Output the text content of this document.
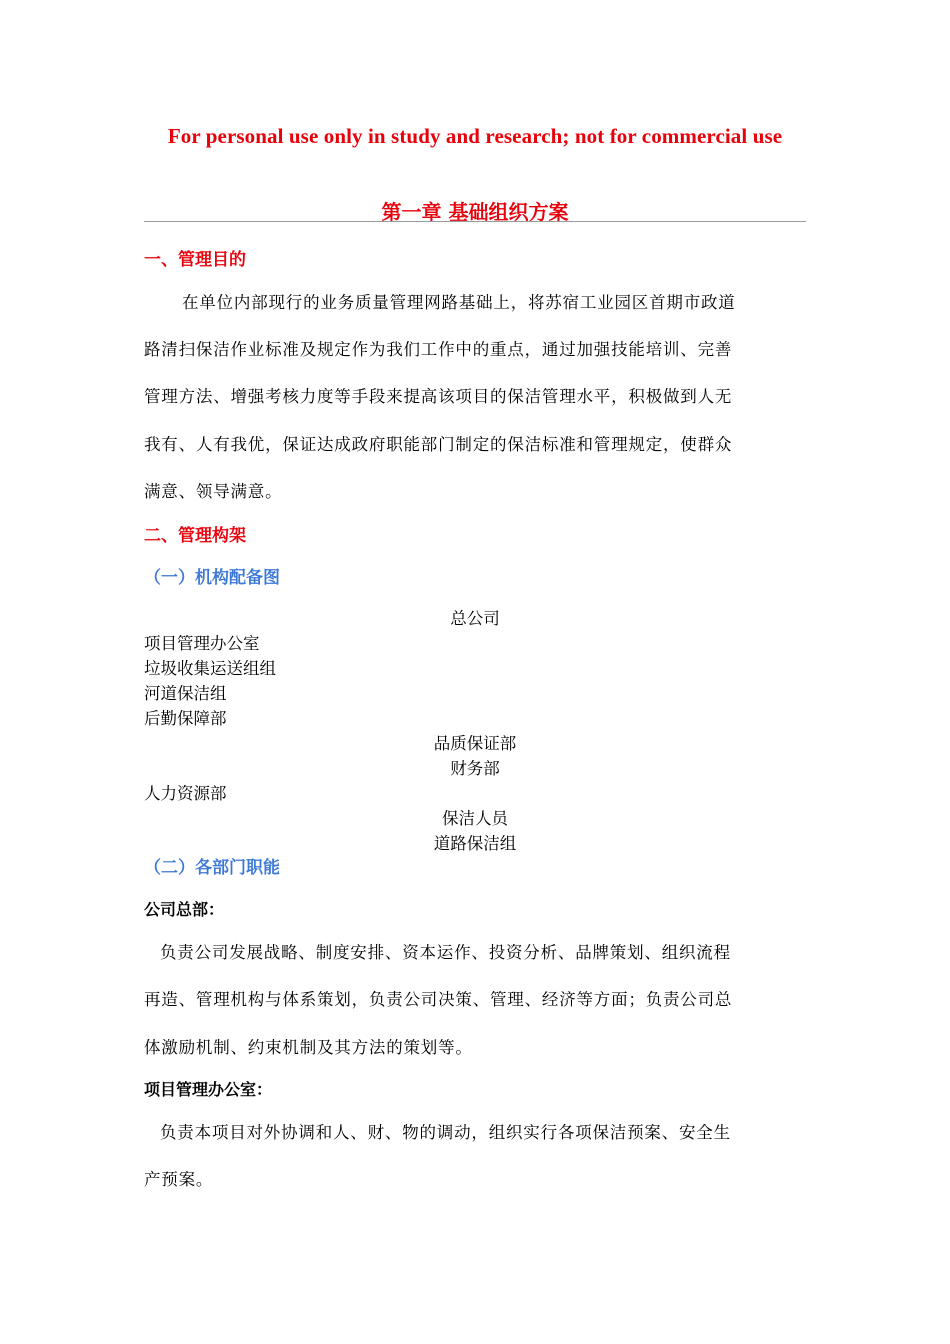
For personal use only in study and research; not for commercial use
第一章 基础组织方案
一、管理目的
在单位内部现行的业务质量管理网路基础上，将苏宿工业园区首期市政道
路清扫保洁作业标准及规定作为我们工作中的重点，通过加强技能培训、完善
管理方法、增强考核力度等手段来提高该项目的保洁管理水平，积极做到人无
我有、人有我优，保证达成政府职能部门制定的保洁标准和管理规定，使群众
满意、领导满意。
二、管理构架
（一）机构配备图
总公司
项目管理办公室
垃圾收集运送组组
河道保洁组
后勤保障部
品质保证部
财务部
人力资源部
保洁人员
道路保洁组
（二）各部门职能
公司总部：
负责公司发展战略、制度安排、资本运作、投资分析、品牌策划、组织流程
再造、管理机构与体系策划，负责公司决策、管理、经济等方面；负责公司总
体激励机制、约束机制及其方法的策划等。
项目管理办公室：
负责本项目对外协调和人、财、物的调动，组织实行各项保洁预案、安全生
产预案。
